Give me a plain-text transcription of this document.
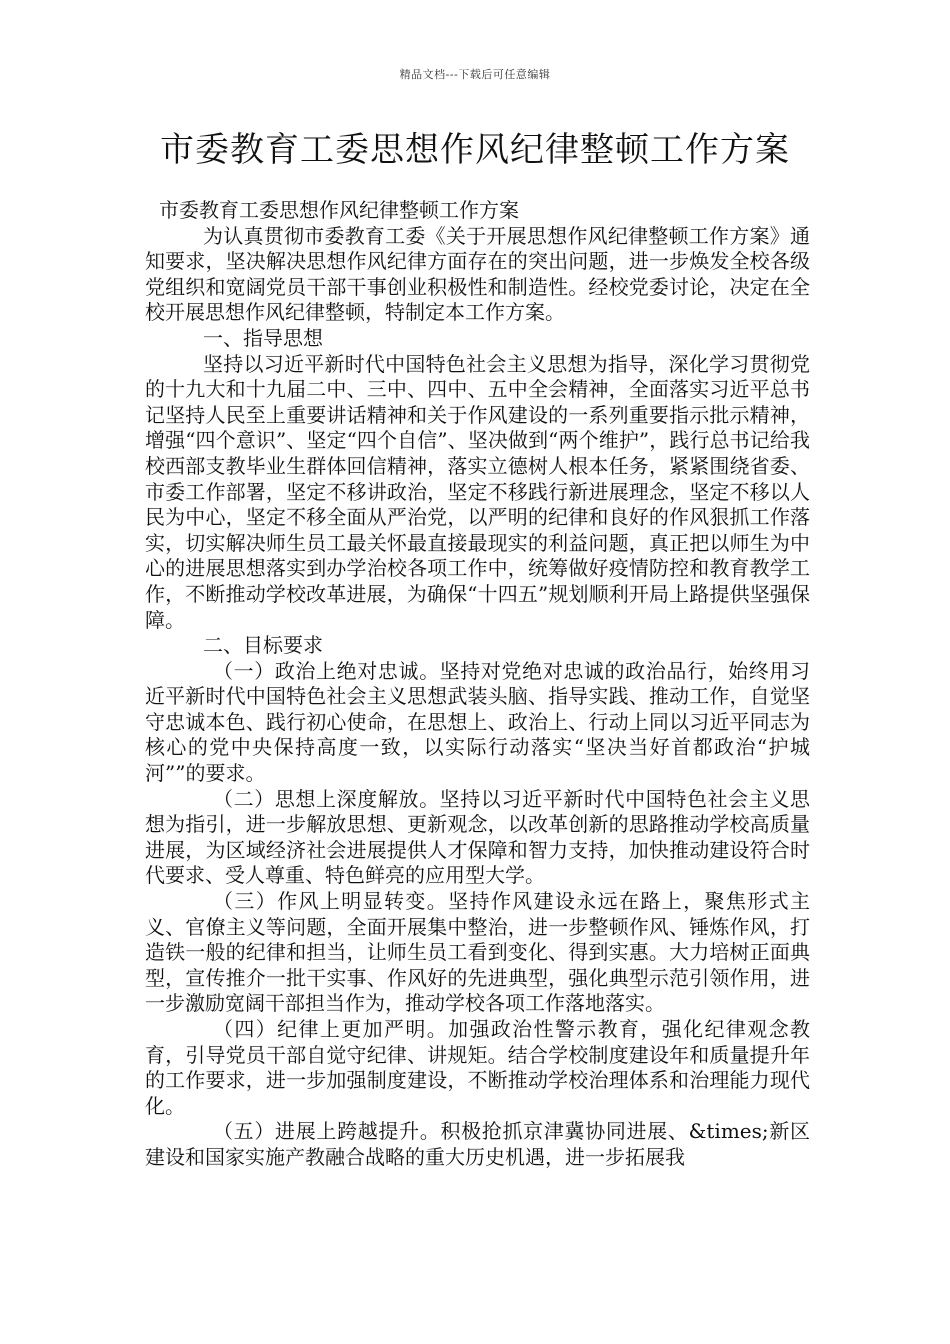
精品文档---下载后可任意编辑
市委教育工委思想作风纪律整顿工作方案

市委教育工委思想作风纪律整顿工作方案

为认真贯彻市委教育工委《关于开展思想作风纪律整顿工作方案》通知要求，坚决解决思想作风纪律方面存在的突出问题，进一步焕发全校各级党组织和宽阔党员干部干事创业积极性和制造性。经校党委讨论，决定在全校开展思想作风纪律整顿，特制定本工作方案。

一、指导思想

坚持以习近平新时代中国特色社会主义思想为指导，深化学习贯彻党的十九大和十九届二中、三中、四中、五中全会精神，全面落实习近平总书记坚持人民至上重要讲话精神和关于作风建设的一系列重要指示批示精神，增强“四个意识”、坚定“四个自信”、坚决做到“两个维护”，践行总书记给我校西部支教毕业生群体回信精神，落实立德树人根本任务，紧紧围绕省委、市委工作部署，坚定不移讲政治，坚定不移践行新进展理念，坚定不移以人民为中心，坚定不移全面从严治党，以严明的纪律和良好的作风狠抓工作落实，切实解决师生员工最关怀最直接最现实的利益问题，真正把以师生为中心的进展思想落实到办学治校各项工作中，统筹做好疫情防控和教育教学工作，不断推动学校改革进展，为确保“十四五”规划顺利开局上路提供坚强保障。

二、目标要求

（一）政治上绝对忠诚。坚持对党绝对忠诚的政治品行，始终用习近平新时代中国特色社会主义思想武装头脑、指导实践、推动工作，自觉坚守忠诚本色、践行初心使命，在思想上、政治上、行动上同以习近平同志为核心的党中央保持高度一致，以实际行动落实“坚决当好首都政治“护城河””的要求。

（二）思想上深度解放。坚持以习近平新时代中国特色社会主义思想为指引，进一步解放思想、更新观念，以改革创新的思路推动学校高质量进展，为区域经济社会进展提供人才保障和智力支持，加快推动建设符合时代要求、受人尊重、特色鲜亮的应用型大学。

（三）作风上明显转变。坚持作风建设永远在路上，聚焦形式主义、官僚主义等问题，全面开展集中整治，进一步整顿作风、锤炼作风，打造铁一般的纪律和担当，让师生员工看到变化、得到实惠。大力培树正面典型，宣传推介一批干实事、作风好的先进典型，强化典型示范引领作用，进一步激励宽阔干部担当作为，推动学校各项工作落地落实。

（四）纪律上更加严明。加强政治性警示教育，强化纪律观念教育，引导党员干部自觉守纪律、讲规矩。结合学校制度建设年和质量提升年的工作要求，进一步加强制度建设，不断推动学校治理体系和治理能力现代化。

（五）进展上跨越提升。积极抢抓京津冀协同进展、&times;新区建设和国家实施产教融合战略的重大历史机遇，进一步拓展我
